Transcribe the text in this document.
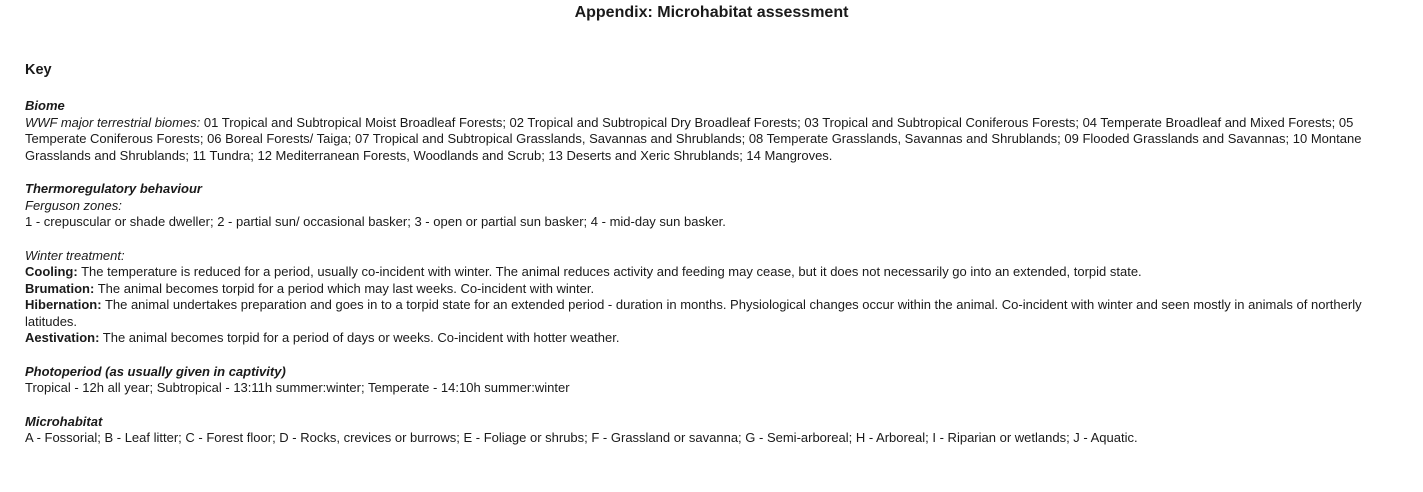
Appendix: Microhabitat assessment
Key

Biome

WWF major terrestrial biomes: 01 Tropical and Subtropical Moist Broadleaf Forests; 02 Tropical and Subtropical Dry Broadleaf Forests; 03 Tropical and Subtropical Coniferous Forests; 04 Temperate Broadleaf and Mixed Forests; 05 Temperate Coniferous Forests; 06 Boreal Forests/ Taiga; 07 Tropical and Subtropical Grasslands, Savannas and Shrublands; 08 Temperate Grasslands, Savannas and Shrublands; 09 Flooded Grasslands and Savannas; 10 Montane Grasslands and Shrublands; 11 Tundra; 12 Mediterranean Forests, Woodlands and Scrub; 13 Deserts and Xeric Shrublands; 14 Mangroves.

Thermoregulatory behaviour

Ferguson zones:

1 - crepuscular or shade dweller; 2 - partial sun/ occasional basker; 3 - open or partial sun basker; 4 - mid-day sun basker.

Winter treatment:

Cooling: The temperature is reduced for a period, usually co-incident with winter. The animal reduces activity and feeding may cease, but it does not necessarily go into an extended, torpid state.

Brumation: The animal becomes torpid for a period which may last weeks. Co-incident with winter.

Hibernation: The animal undertakes preparation and goes in to a torpid state for an extended period - duration in months. Physiological changes occur within the animal. Co-incident with winter and seen mostly in animals of northerly latitudes.

Aestivation: The animal becomes torpid for a period of days or weeks. Co-incident with hotter weather.

Photoperiod (as usually given in captivity)

Tropical - 12h all year; Subtropical - 13:11h summer:winter; Temperate - 14:10h summer:winter

Microhabitat

A - Fossorial; B - Leaf litter; C - Forest floor; D - Rocks, crevices or burrows; E - Foliage or shrubs; F - Grassland or savanna; G - Semi-arboreal; H - Arboreal; I - Riparian or wetlands; J - Aquatic.
